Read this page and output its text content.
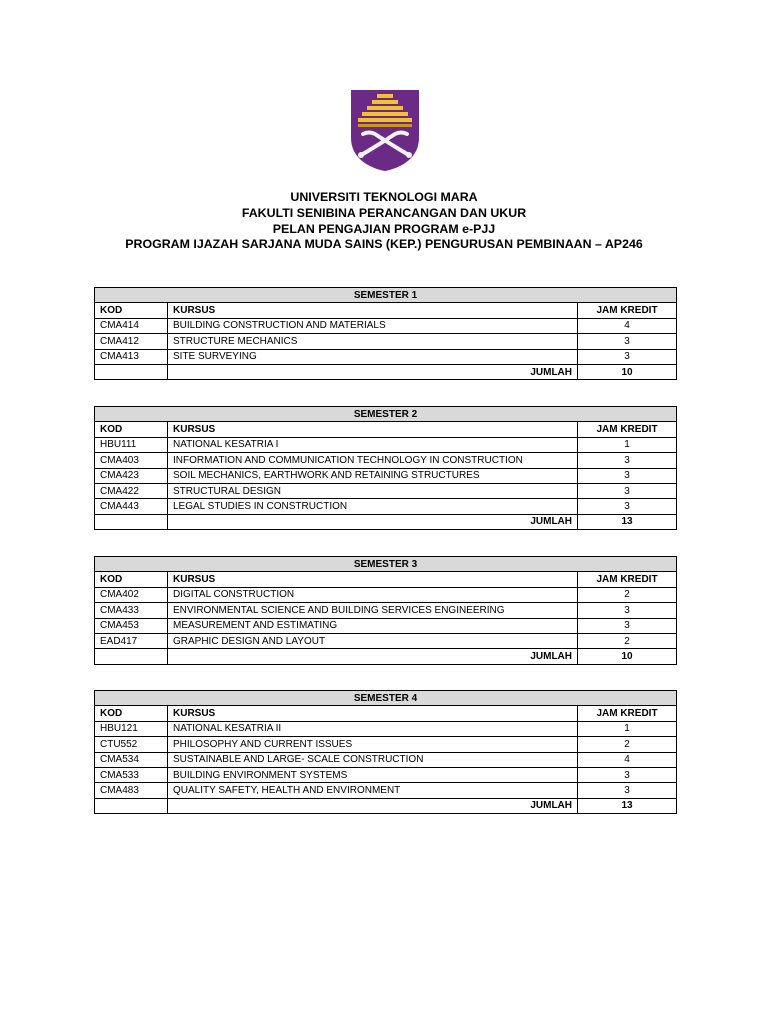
UNIVERSITI TEKNOLOGI MARA
FAKULTI SENIBINA PERANCANGAN DAN UKUR
PELAN PENGAJIAN PROGRAM e-PJJ
PROGRAM IJAZAH SARJANA MUDA SAINS (KEP.) PENGURUSAN PEMBINAAN – AP246
SEMESTER 1		
KOD	KURSUS	JAM KREDIT
CMA414	BUILDING CONSTRUCTION AND MATERIALS	4
CMA412	STRUCTURE MECHANICS	3
CMA413	SITE SURVEYING	3
	JUMLAH	10
SEMESTER 2		
KOD	KURSUS	JAM KREDIT
HBU111	NATIONAL KESATRIA I	1
CMA403	INFORMATION AND COMMUNICATION TECHNOLOGY IN CONSTRUCTION	3
CMA423	SOIL MECHANICS, EARTHWORK AND RETAINING STRUCTURES	3
CMA422	STRUCTURAL DESIGN	3
CMA443	LEGAL STUDIES IN CONSTRUCTION	3
	JUMLAH	13
SEMESTER 3		
KOD	KURSUS	JAM KREDIT
CMA402	DIGITAL CONSTRUCTION	2
CMA433	ENVIRONMENTAL SCIENCE AND BUILDING SERVICES ENGINEERING	3
CMA453	MEASUREMENT AND ESTIMATING	3
EAD417	GRAPHIC DESIGN AND LAYOUT	2
	JUMLAH	10
SEMESTER 4		
KOD	KURSUS	JAM KREDIT
HBU121	NATIONAL KESATRIA II	1
CTU552	PHILOSOPHY AND CURRENT ISSUES	2
CMA534	SUSTAINABLE AND LARGE- SCALE CONSTRUCTION	4
CMA533	BUILDING ENVIRONMENT SYSTEMS	3
CMA483	QUALITY SAFETY, HEALTH AND ENVIRONMENT	3
	JUMLAH	13
